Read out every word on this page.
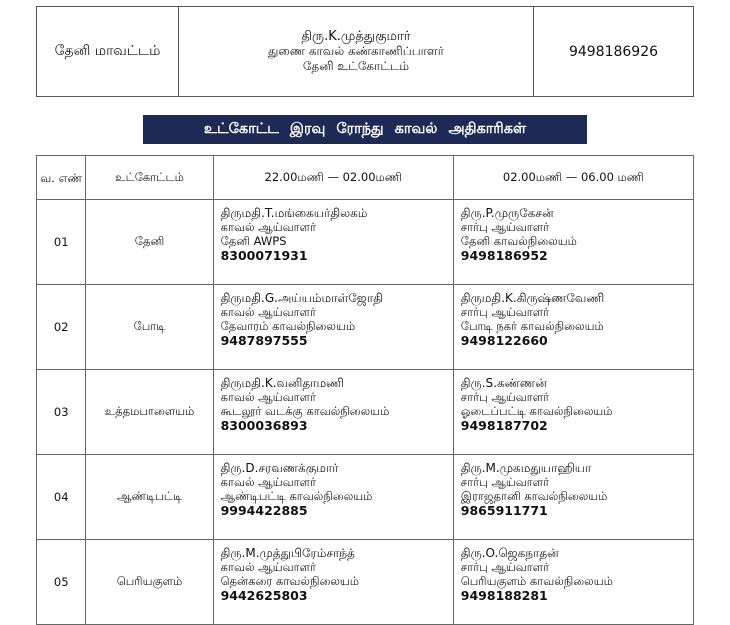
தேனி மாவட்டம்	
திரு.K.முத்துகுமார்
துணை காவல் கண்காணிப்பாளர்
தேனி உட்கோட்டம்
	9498186926
உட்கோட்ட இரவு ரோந்து காவல் அதிகாரிகள்
வ. எண்	உட்கோட்டம்	22.00மணி — 02.00மணி	02.00மணி — 06.00 மணி
01	தேனி	திருமதி.T.மங்கையர்திலகம்
காவல் ஆய்வாளர்
தேனி AWPS
8300071931	திரு.P.முருகேசன்
சார்பு ஆய்வாளர்
தேனி காவல்நிலையம்
9498186952

02	போடி	திருமதி.G.அய்யம்மாள்ஜோதி
காவல் ஆய்வாளர்
தேவாரம் காவல்நிலையம்
9487897555	திருமதி.K.கிருஷ்ணவேணி
சார்பு ஆய்வாளர்
போடி நகர் காவல்நிலையம்
9498122660

03	உத்தமபாளையம்	திருமதி.K.வனிதாமணி
காவல் ஆய்வாளர்
கூடலூர் வடக்கு காவல்நிலையம்
8300036893	திரு.S.கண்ணன்
சார்பு ஆய்வாளர்
ஓடைப்பட்டி காவல்நிலையம்
9498187702

04	ஆண்டிபட்டி	திரு.D.சரவணக்குமார்
காவல் ஆய்வாளர்
ஆண்டிபட்டி காவல்நிலையம்
9994422885	திரு.M.முகமதுயாஹியா
சார்பு ஆய்வாளர்
இராஜதானி காவல்நிலையம்
9865911771

05	பெரியகுளம்	திரு.M.முத்துபிரேம்சாந்த்
காவல் ஆய்வாளர்
தென்கரை காவல்நிலையம்
9442625803	திரு.O.ஜெகநாதன்
சார்பு ஆய்வாளர்
பெரியகுளம் காவல்நிலையம்
9498188281
